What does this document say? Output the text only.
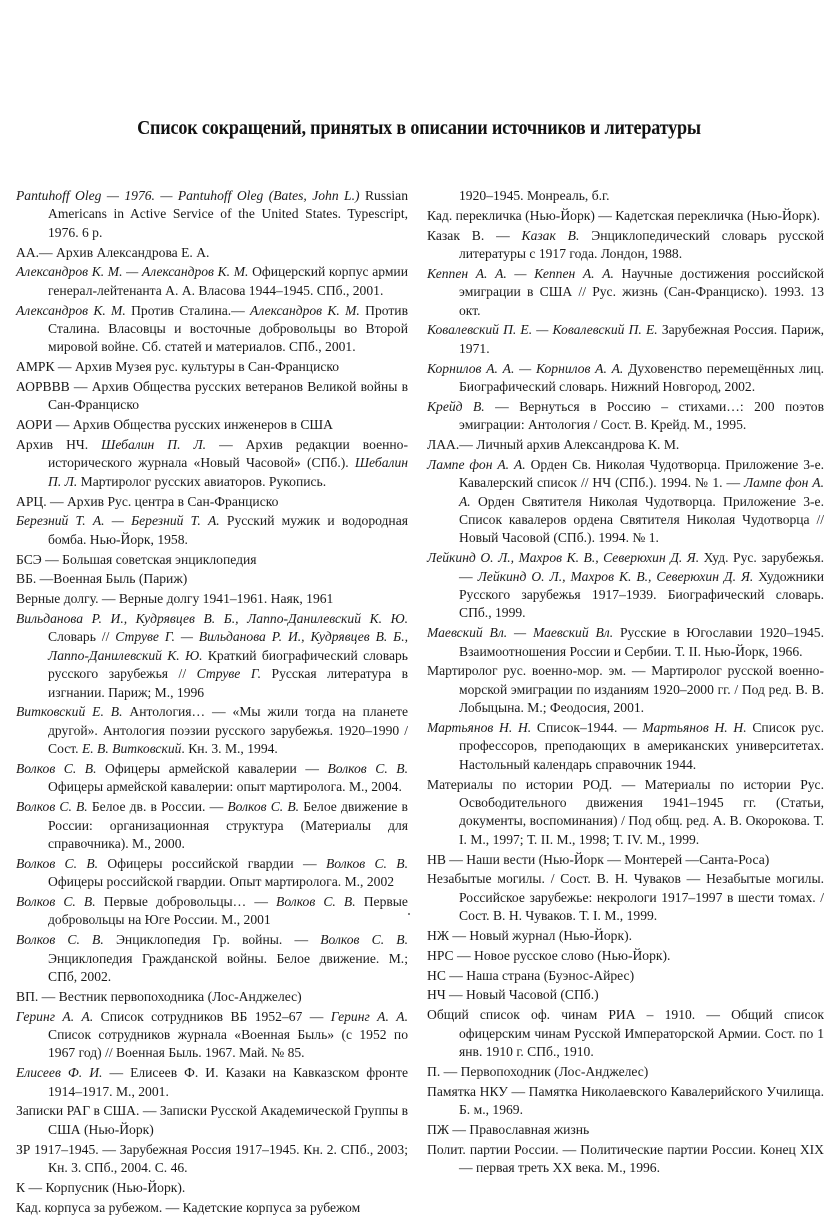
Список сокращений, принятых в описании источников и литературы

Pantuhoff Oleg — 1976. — Pantuhoff Oleg (Bates, John L.) Russian Americans in Active Service of the United States. Typescript, 1976. 6 p.

АА.— Архив Александрова Е. А.

Александров К. М. — Александров К. М. Офицерский корпус армии генерал-лейтенанта А. А. Власова 1944–1945. СПб., 2001.

Александров К. М. Против Сталина.— Александров К. М. Против Сталина. Власовцы и восточные добровольцы во Второй мировой войне. Сб. статей и материалов. СПб., 2001.

АМРК — Архив Музея рус. культуры в Сан-Франциско

АОРВВВ — Архив Общества русских ветеранов Великой войны в Сан-Франциско

АОРИ — Архив Общества русских инженеров в США

Архив НЧ. Шебалин П. Л. — Архив редакции военно-исторического журнала «Новый Часовой» (СПб.). Шебалин П. Л. Мартиролог русских авиаторов. Рукопись.

АРЦ. — Архив Рус. центра в Сан-Франциско

Березний Т. А. — Березний Т. А. Русский мужик и водородная бомба. Нью-Йорк, 1958.

БСЭ — Большая советская энциклопедия

ВБ. —Военная Быль (Париж)

Верные долгу. — Верные долгу 1941–1961. Наяк, 1961

Вильданова Р. И., Кудрявцев В. Б., Лаппо-Данилевский К. Ю. Словарь // Струве Г. — Вильданова Р. И., Кудрявцев В. Б., Лаппо-Данилевский К. Ю. Краткий биографический словарь русского зарубежья // Струве Г. Русская литература в изгнании. Париж; М., 1996

Витковский Е. В. Антология… — «Мы жили тогда на планете другой». Антология поэзии русского зарубежья. 1920–1990 / Сост. Е. В. Витковский. Кн. 3. М., 1994.

Волков С. В. Офицеры армейской кавалерии — Волков С. В. Офицеры армейской кавалерии: опыт мартиролога. М., 2004.

Волков С. В. Белое дв. в России. — Волков С. В. Белое движение в России: организационная структура (Материалы для справочника). М., 2000.

Волков С. В. Офицеры российской гвардии — Волков С. В. Офицеры российской гвардии. Опыт мартиролога. М., 2002

Волков С. В. Первые добровольцы… — Волков С. В. Первые добровольцы на Юге России. М., 2001

Волков С. В. Энциклопедия Гр. войны. — Волков С. В. Энциклопедия Гражданской войны. Белое движение. М.; СПб, 2002.

ВП. — Вестник первопоходника (Лос-Анджелес)

Геринг А. А. Список сотрудников ВБ 1952–67 — Геринг А. А. Список сотрудников журнала «Военная Быль» (с 1952 по 1967 год) // Военная Быль. 1967. Май. № 85.

Елисеев Ф. И. — Елисеев Ф. И. Казаки на Кавказском фронте 1914–1917. М., 2001.

Записки РАГ в США. — Записки Русской Академической Группы в США (Нью-Йорк)

ЗР 1917–1945. — Зарубежная Россия 1917–1945. Кн. 2. СПб., 2003; Кн. 3. СПб., 2004. С. 46.

К — Корпусник (Нью-Йорк).

Кад. корпуса за рубежом. — Кадетские корпуса за рубежом

1920–1945. Монреаль, б.г.

Кад. перекличка (Нью-Йорк) — Кадетская перекличка (Нью-Йорк).

Казак В. — Казак В. Энциклопедический словарь русской литературы с 1917 года. Лондон, 1988.

Кеппен А. А. — Кеппен А. А. Научные достижения российской эмиграции в США // Рус. жизнь (Сан-Франциско). 1993. 13 окт.

Ковалевский П. Е. — Ковалевский П. Е. Зарубежная Россия. Париж, 1971.

Корнилов А. А. — Корнилов А. А. Духовенство перемещённых лиц. Биографический словарь. Нижний Новгород, 2002.

Крейд В. — Вернуться в Россию – стихами…: 200 поэтов эмиграции: Антология / Сост. В. Крейд. М., 1995.

ЛАА.— Личный архив Александрова К. М.

Лампе фон А. А. Орден Св. Николая Чудотворца. Приложение 3-е. Кавалерский список // НЧ (СПб.). 1994. № 1. — Лампе фон А. А. Орден Святителя Николая Чудотворца. Приложение 3-е. Список кавалеров ордена Святителя Николая Чудотворца // Новый Часовой (СПб.). 1994. № 1.

Лейкинд О. Л., Махров К. В., Северюхин Д. Я. Худ. Рус. зарубежья. — Лейкинд О. Л., Махров К. В., Северюхин Д. Я. Художники Русского зарубежья 1917–1939. Биографический словарь. СПб., 1999.

Маевский Вл. — Маевский Вл. Русские в Югославии 1920–1945. Взаимоотношения России и Сербии. Т. II. Нью-Йорк, 1966.

Мартиролог рус. военно-мор. эм. — Мартиролог русской военно-морской эмиграции по изданиям 1920–2000 гг. / Под ред. В. В. Лобыцына. М.; Феодосия, 2001.

Мартьянов Н. Н. Список–1944. — Мартьянов Н. Н. Список рус. профессоров, преподающих в американских университетах. Настольный календарь справочник 1944.

Материалы по истории РОД. — Материалы по истории Рус. Освободительного движения 1941–1945 гг. (Статьи, документы, воспоминания) / Под общ. ред. А. В. Окорокова. Т. I. М., 1997; Т. II. М., 1998; Т. IV. М., 1999.

НВ — Наши вести (Нью-Йорк — Монтерей —Санта-Роса)

Незабытые могилы. / Сост. В. Н. Чуваков — Незабытые могилы. Российское зарубежье: некрологи 1917–1997 в шести томах. / Сост. В. Н. Чуваков. Т. I. М., 1999.

НЖ — Новый журнал (Нью-Йорк).

НРС — Новое русское слово (Нью-Йорк).

НС — Наша страна (Буэнос-Айрес)

НЧ — Новый Часовой (СПб.)

Общий список оф. чинам РИА – 1910. — Общий список офицерским чинам Русской Императорской Армии. Сост. по 1 янв. 1910 г. СПб., 1910.

П. — Первопоходник (Лос-Анджелес)

Памятка НКУ — Памятка Николаевского Кавалерийского Училища. Б. м., 1969.

ПЖ — Православная жизнь

Полит. партии России. — Политические партии России. Конец XIX — первая треть XX века. М., 1996.
